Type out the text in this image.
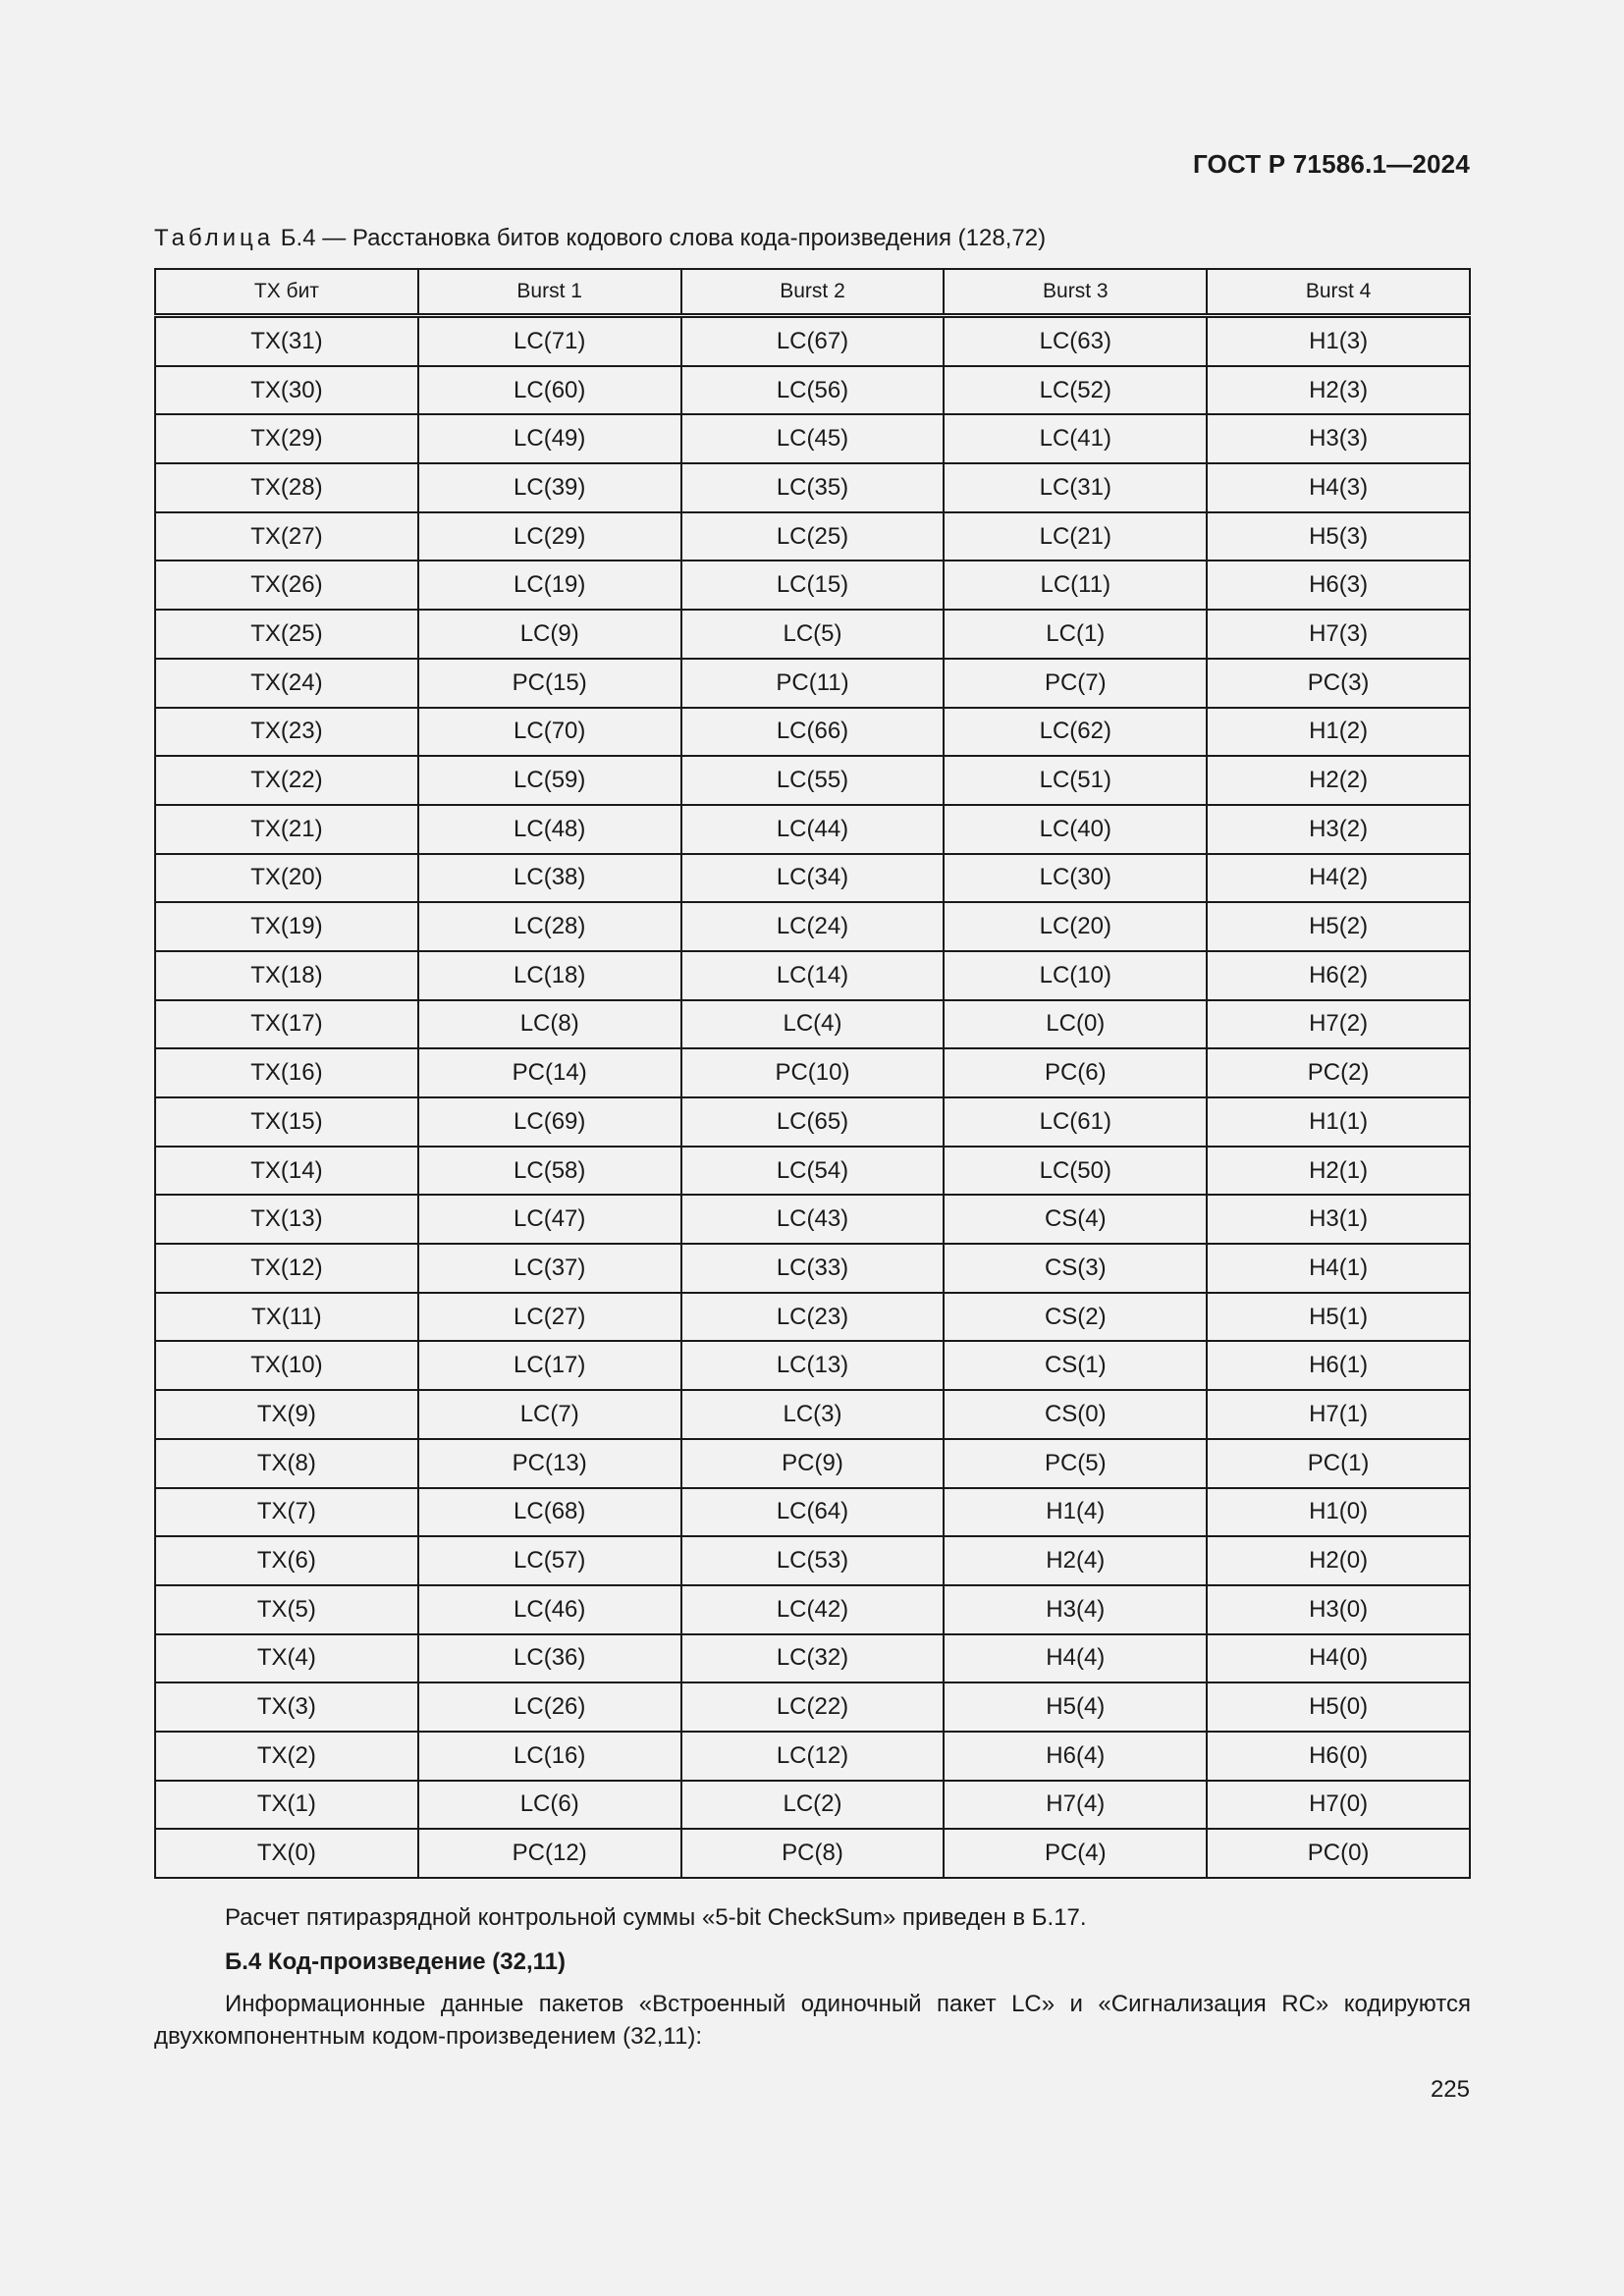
ГОСТ Р 71586.1—2024
Таблица Б.4 — Расстановка битов кодового слова кода-произведения (128,72)
TX бит	Burst 1	Burst 2	Burst 3	Burst 4
TX(31)	LC(71)	LC(67)	LC(63)	H1(3)
TX(30)	LC(60)	LC(56)	LC(52)	H2(3)
TX(29)	LC(49)	LC(45)	LC(41)	H3(3)
TX(28)	LC(39)	LC(35)	LC(31)	H4(3)
TX(27)	LC(29)	LC(25)	LC(21)	H5(3)
TX(26)	LC(19)	LC(15)	LC(11)	H6(3)
TX(25)	LC(9)	LC(5)	LC(1)	H7(3)
TX(24)	PC(15)	PC(11)	PC(7)	PC(3)
TX(23)	LC(70)	LC(66)	LC(62)	H1(2)
TX(22)	LC(59)	LC(55)	LC(51)	H2(2)
TX(21)	LC(48)	LC(44)	LC(40)	H3(2)
TX(20)	LC(38)	LC(34)	LC(30)	H4(2)
TX(19)	LC(28)	LC(24)	LC(20)	H5(2)
TX(18)	LC(18)	LC(14)	LC(10)	H6(2)
TX(17)	LC(8)	LC(4)	LC(0)	H7(2)
TX(16)	PC(14)	PC(10)	PC(6)	PC(2)
TX(15)	LC(69)	LC(65)	LC(61)	H1(1)
TX(14)	LC(58)	LC(54)	LC(50)	H2(1)
TX(13)	LC(47)	LC(43)	CS(4)	H3(1)
TX(12)	LC(37)	LC(33)	CS(3)	H4(1)
TX(11)	LC(27)	LC(23)	CS(2)	H5(1)
TX(10)	LC(17)	LC(13)	CS(1)	H6(1)
TX(9)	LC(7)	LC(3)	CS(0)	H7(1)
TX(8)	PC(13)	PC(9)	PC(5)	PC(1)
TX(7)	LC(68)	LC(64)	H1(4)	H1(0)
TX(6)	LC(57)	LC(53)	H2(4)	H2(0)
TX(5)	LC(46)	LC(42)	H3(4)	H3(0)
TX(4)	LC(36)	LC(32)	H4(4)	H4(0)
TX(3)	LC(26)	LC(22)	H5(4)	H5(0)
TX(2)	LC(16)	LC(12)	H6(4)	H6(0)
TX(1)	LC(6)	LC(2)	H7(4)	H7(0)
TX(0)	PC(12)	PC(8)	PC(4)	PC(0)
Расчет пятиразрядной контрольной суммы «5-bit CheckSum» приведен в Б.17.
Б.4 Код-произведение (32,11)
Информационные данные пакетов «Встроенный одиночный пакет LC» и «Сигнализация RC» кодируются двухкомпонентным кодом-произведением (32,11):
225
